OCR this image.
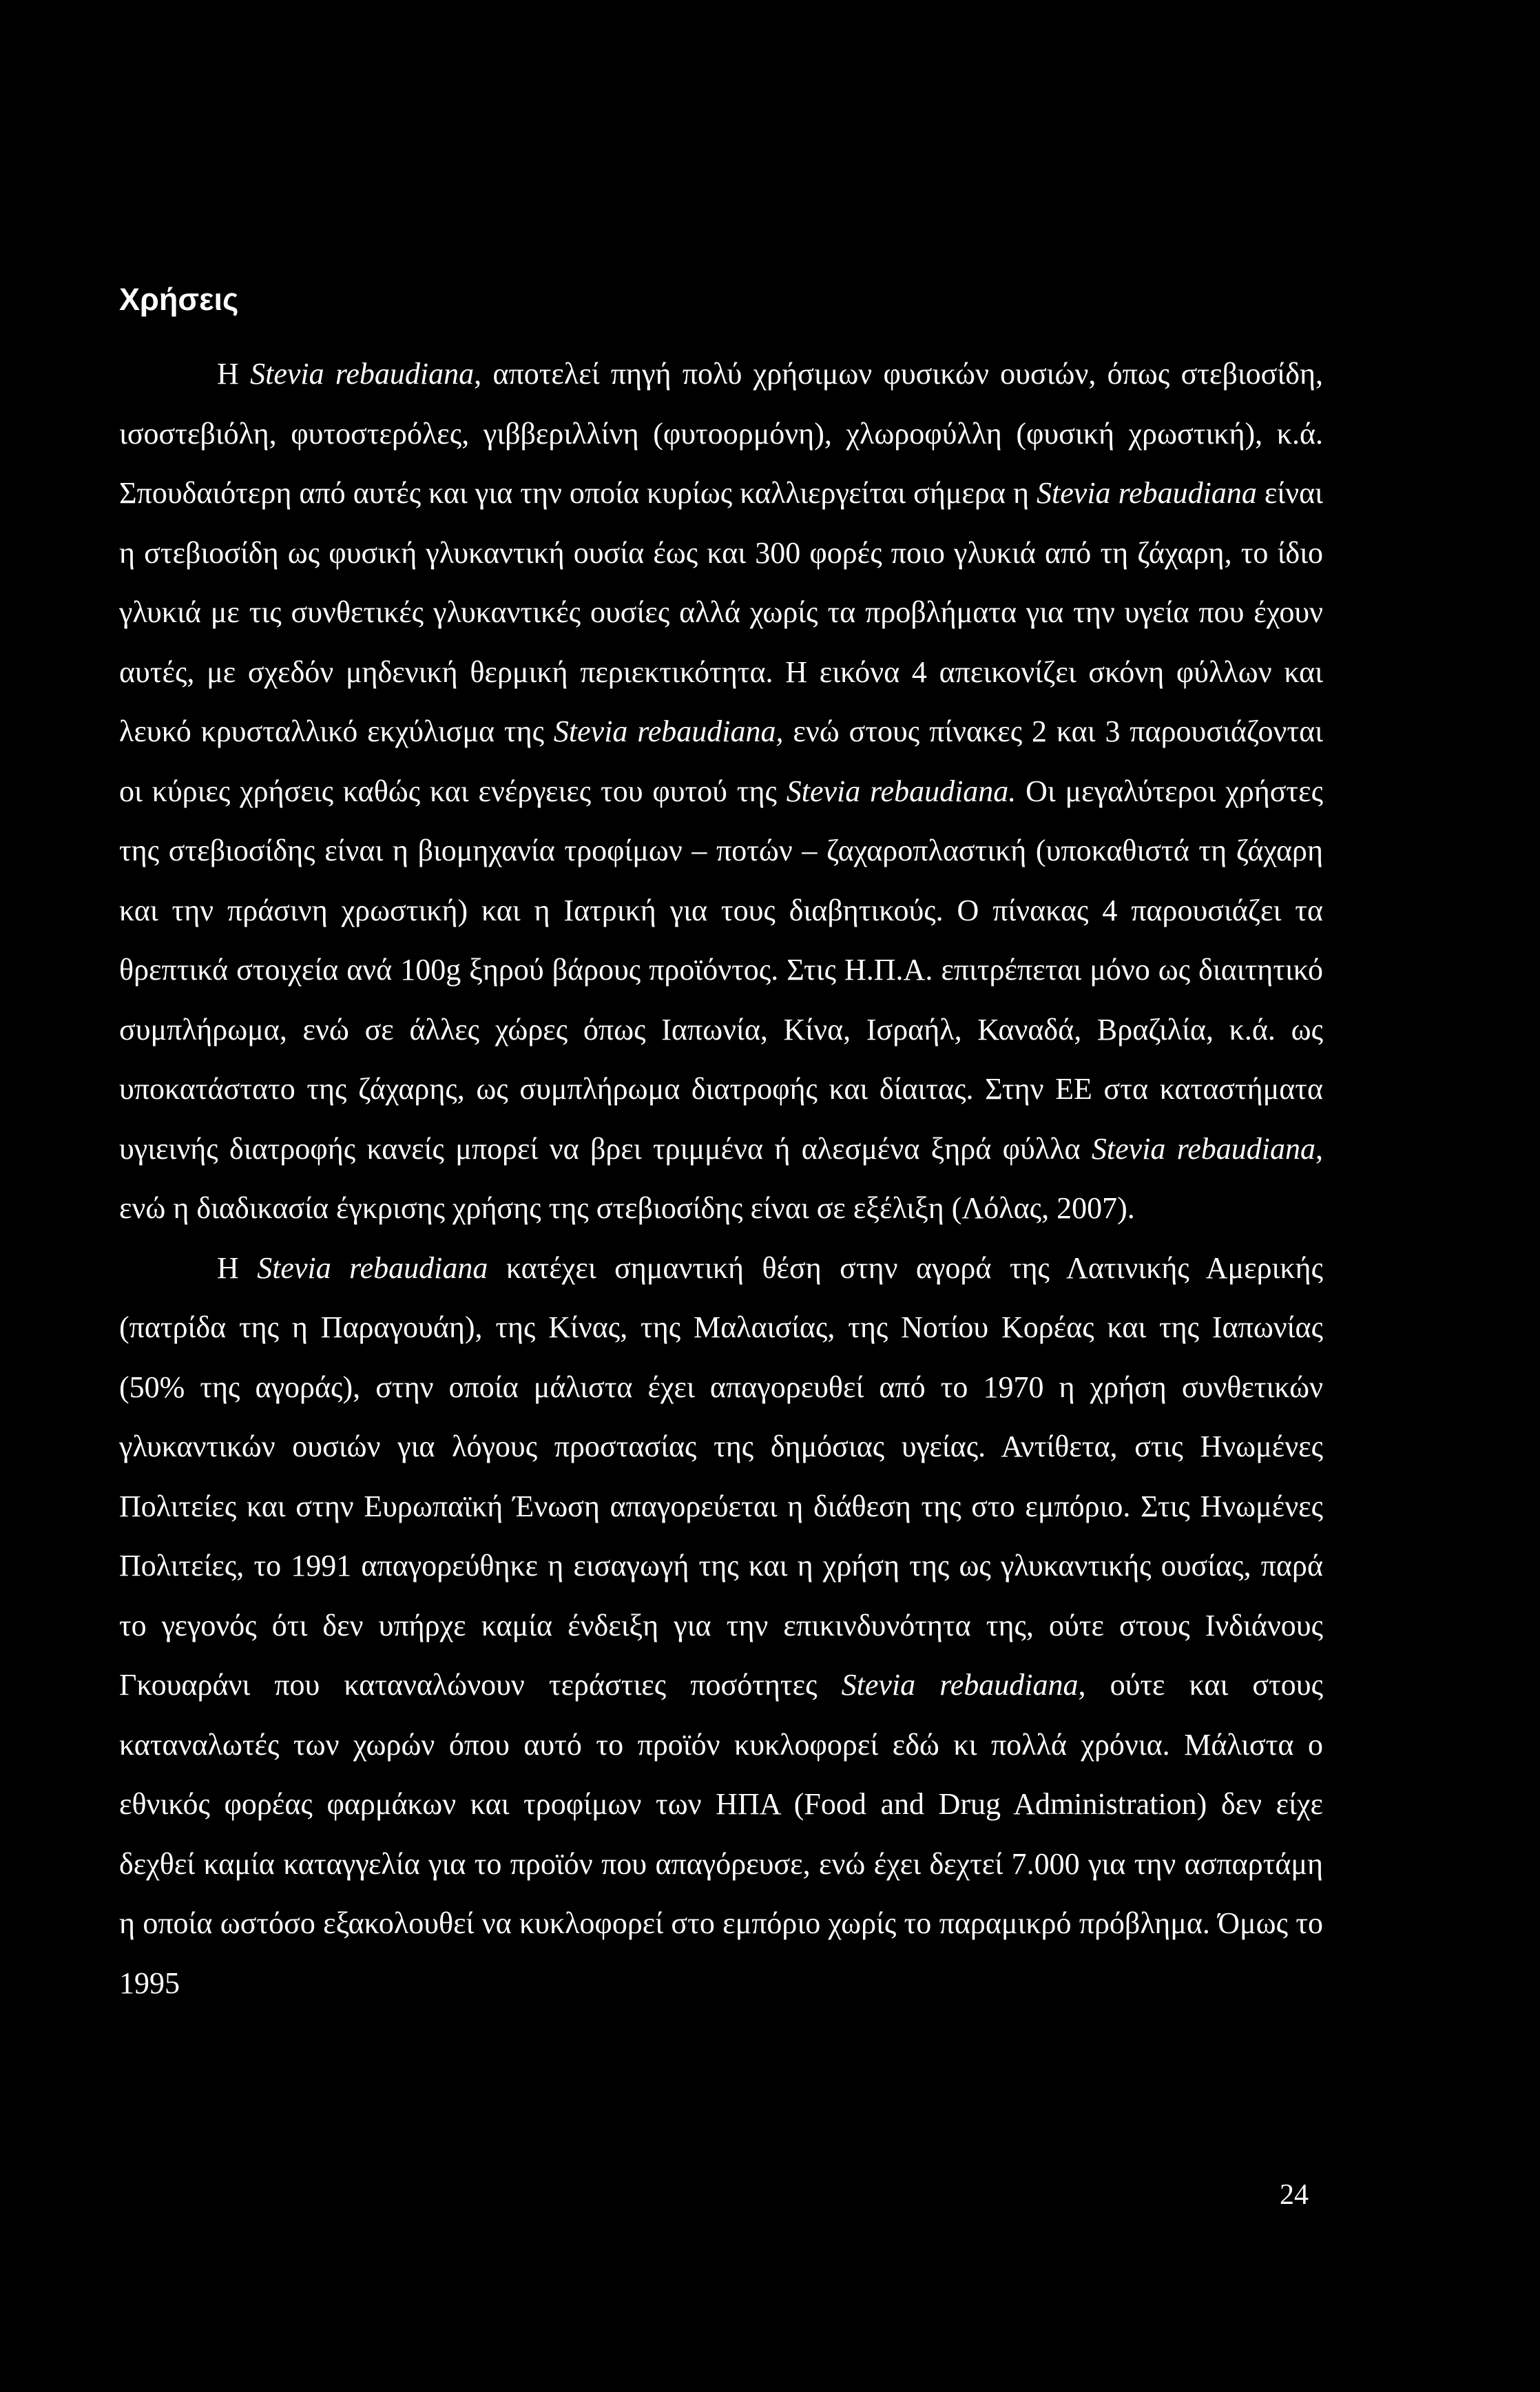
Χρήσεις

Η Stevia rebaudiana, αποτελεί πηγή πολύ χρήσιμων φυσικών ουσιών, όπως στεβιοσίδη, ισοστεβιόλη, φυτοστερόλες, γιββεριλλίνη (φυτοορμόνη), χλωροφύλλη (φυσική χρωστική), κ.ά. Σπουδαιότερη από αυτές και για την οποία κυρίως καλλιεργείται σήμερα η Stevia rebaudiana είναι η στεβιοσίδη ως φυσική γλυκαντική ουσία έως και 300 φορές ποιο γλυκιά από τη ζάχαρη, το ίδιο γλυκιά με τις συνθετικές γλυκαντικές ουσίες αλλά χωρίς τα προβλήματα για την υγεία που έχουν αυτές, με σχεδόν μηδενική θερμική περιεκτικότητα. Η εικόνα 4 απεικονίζει σκόνη φύλλων και λευκό κρυσταλλικό εκχύλισμα της Stevia rebaudiana, ενώ στους πίνακες 2 και 3 παρουσιάζονται οι κύριες χρήσεις καθώς και ενέργειες του φυτού της Stevia rebaudiana. Οι μεγαλύτεροι χρήστες της στεβιοσίδης είναι η βιομηχανία τροφίμων – ποτών – ζαχαροπλαστική (υποκαθιστά τη ζάχαρη και την πράσινη χρωστική) και η Ιατρική για τους διαβητικούς. Ο πίνακας 4 παρουσιάζει τα θρεπτικά στοιχεία ανά 100g ξηρού βάρους προϊόντος. Στις Η.Π.Α. επιτρέπεται μόνο ως διαιτητικό συμπλήρωμα, ενώ σε άλλες χώρες όπως Ιαπωνία, Κίνα, Ισραήλ, Καναδά, Βραζιλία, κ.ά. ως υποκατάστατο της ζάχαρης, ως συμπλήρωμα διατροφής και δίαιτας. Στην ΕΕ στα καταστήματα υγιεινής διατροφής κανείς μπορεί να βρει τριμμένα ή αλεσμένα ξηρά φύλλα Stevia rebaudiana, ενώ η διαδικασία έγκρισης χρήσης της στεβιοσίδης είναι σε εξέλιξη (Λόλας, 2007).

Η Stevia rebaudiana κατέχει σημαντική θέση στην αγορά της Λατινικής Αμερικής (πατρίδα της η Παραγουάη), της Κίνας, της Μαλαισίας, της Νοτίου Κορέας και της Ιαπωνίας (50% της αγοράς), στην οποία μάλιστα έχει απαγορευθεί από το 1970 η χρήση συνθετικών γλυκαντικών ουσιών για λόγους προστασίας της δημόσιας υγείας. Αντίθετα, στις Ηνωμένες Πολιτείες και στην Ευρωπαϊκή Ένωση απαγορεύεται η διάθεση της στο εμπόριο. Στις Ηνωμένες Πολιτείες, το 1991 απαγορεύθηκε η εισαγωγή της και η χρήση της ως γλυκαντικής ουσίας, παρά το γεγονός ότι δεν υπήρχε καμία ένδειξη για την επικινδυνότητα της, ούτε στους Ινδιάνους Γκουαράνι που καταναλώνουν τεράστιες ποσότητες Stevia rebaudiana, ούτε και στους καταναλωτές των χωρών όπου αυτό το προϊόν κυκλοφορεί εδώ κι πολλά χρόνια. Μάλιστα ο εθνικός φορέας φαρμάκων και τροφίμων των ΗΠΑ (Food and Drug Administration) δεν είχε δεχθεί καμία καταγγελία για το προϊόν που απαγόρευσε, ενώ έχει δεχτεί 7.000 για την ασπαρτάμη η οποία ωστόσο εξακολουθεί να κυκλοφορεί στο εμπόριο χωρίς το παραμικρό πρόβλημα. Όμως το 1995

24
